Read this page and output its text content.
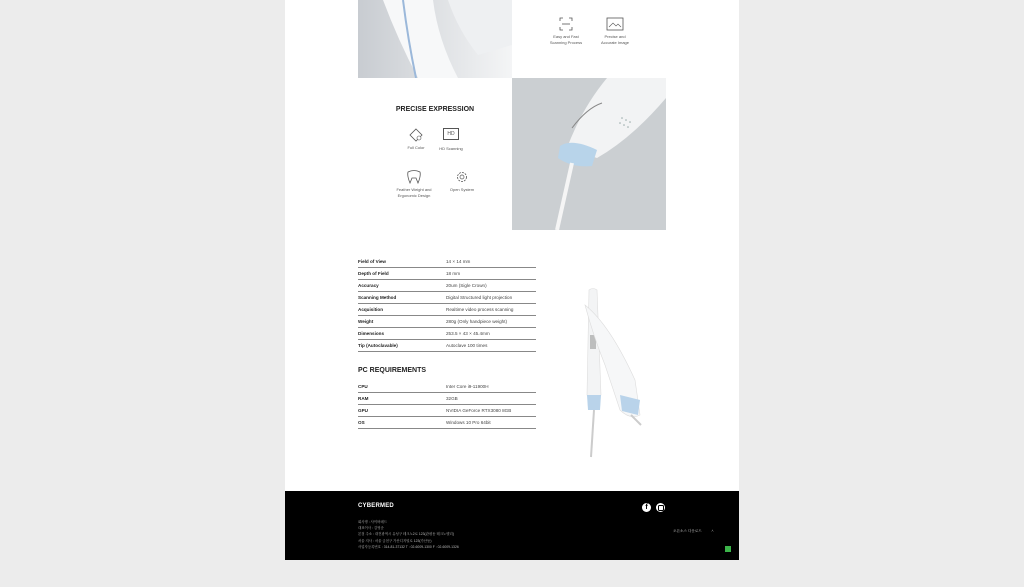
Easy and Fast
Scanning Process
Precise and
Accurate Image
PRECISE EXPRESSION
Full Color
HD
HD Scanning
Feather Weight and
Ergonomic Design
Open System
Field of View	14 × 14 mm
Depth of Field	18 mm
Accuracy	20um (Sigle Crown)
Scanning Method	Digital Structured light projection
Acquisition	Realtime video process scanning
Weight	280g (Only handpiece weight)
Dimensions	253.5 × 43 × 45.4mm
Tip (Autoclavable)	Autoclave 100 times
PC REQUIREMENTS
CPU	Inter Core i9-11900H
RAM	32GB
GPU	NVIDIA GeForce RTX3080 8GB
OS	Windows 10 Pro 64bit
CYBERMED
회사명 : 사이버메드
대표이사 : 김영준
본점 주소 : 대전광역시 유성구 테크노2로 123(관평동 테크노밸리)
서울 지사 : 서울 금천구 가산디지털로 123(가산동)
사업자등록번호 : 314-81-37132 T : 02-6009-1300 F : 02-6009-1326
f
오픈소스 다운로드	ㅅ
